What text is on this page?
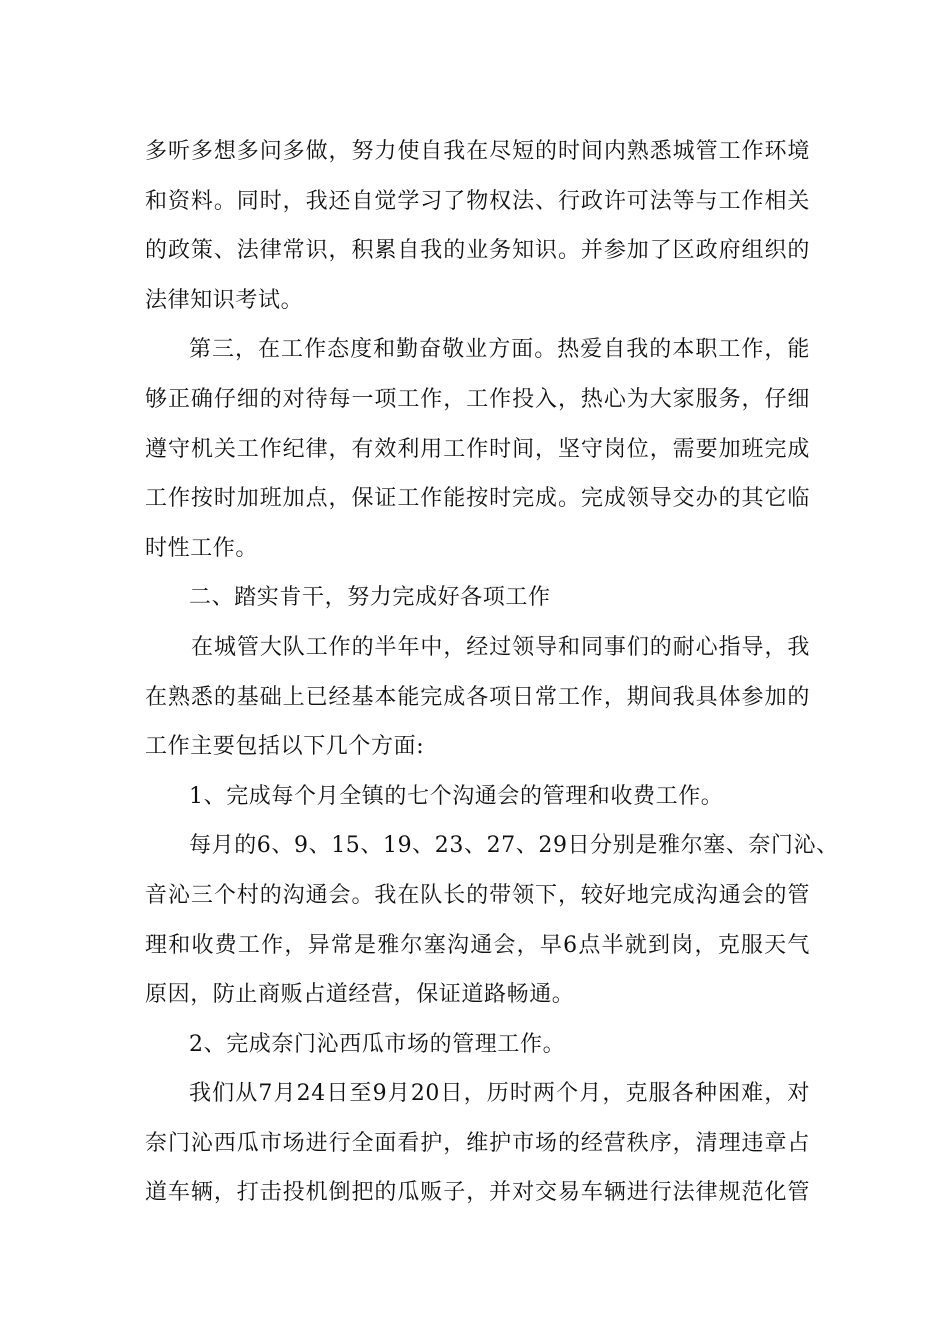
多听多想多问多做，努力使自我在尽短的时间内熟悉城管工作环境
和资料。同时，我还自觉学习了物权法、行政许可法等与工作相关
的政策、法律常识，积累自我的业务知识。并参加了区政府组织的
法律知识考试。
第三，在工作态度和勤奋敬业方面。热爱自我的本职工作，能
够正确仔细的对待每一项工作，工作投入，热心为大家服务，仔细
遵守机关工作纪律，有效利用工作时间，坚守岗位，需要加班完成
工作按时加班加点，保证工作能按时完成。完成领导交办的其它临
时性工作。
二、踏实肯干，努力完成好各项工作
在城管大队工作的半年中，经过领导和同事们的耐心指导，我
在熟悉的基础上已经基本能完成各项日常工作，期间我具体参加的
工作主要包括以下几个方面:
1、完成每个月全镇的七个沟通会的管理和收费工作。
每月的6、9、15、19、23、27、29日分别是雅尔塞、奈门沁、
音沁三个村的沟通会。我在队长的带领下，较好地完成沟通会的管
理和收费工作，异常是雅尔塞沟通会，早6点半就到岗，克服天气
原因，防止商贩占道经营，保证道路畅通。
2、完成奈门沁西瓜市场的管理工作。
我们从7月24日至9月20日，历时两个月，克服各种困难，对
奈门沁西瓜市场进行全面看护，维护市场的经营秩序，清理违章占
道车辆，打击投机倒把的瓜贩子，并对交易车辆进行法律规范化管
